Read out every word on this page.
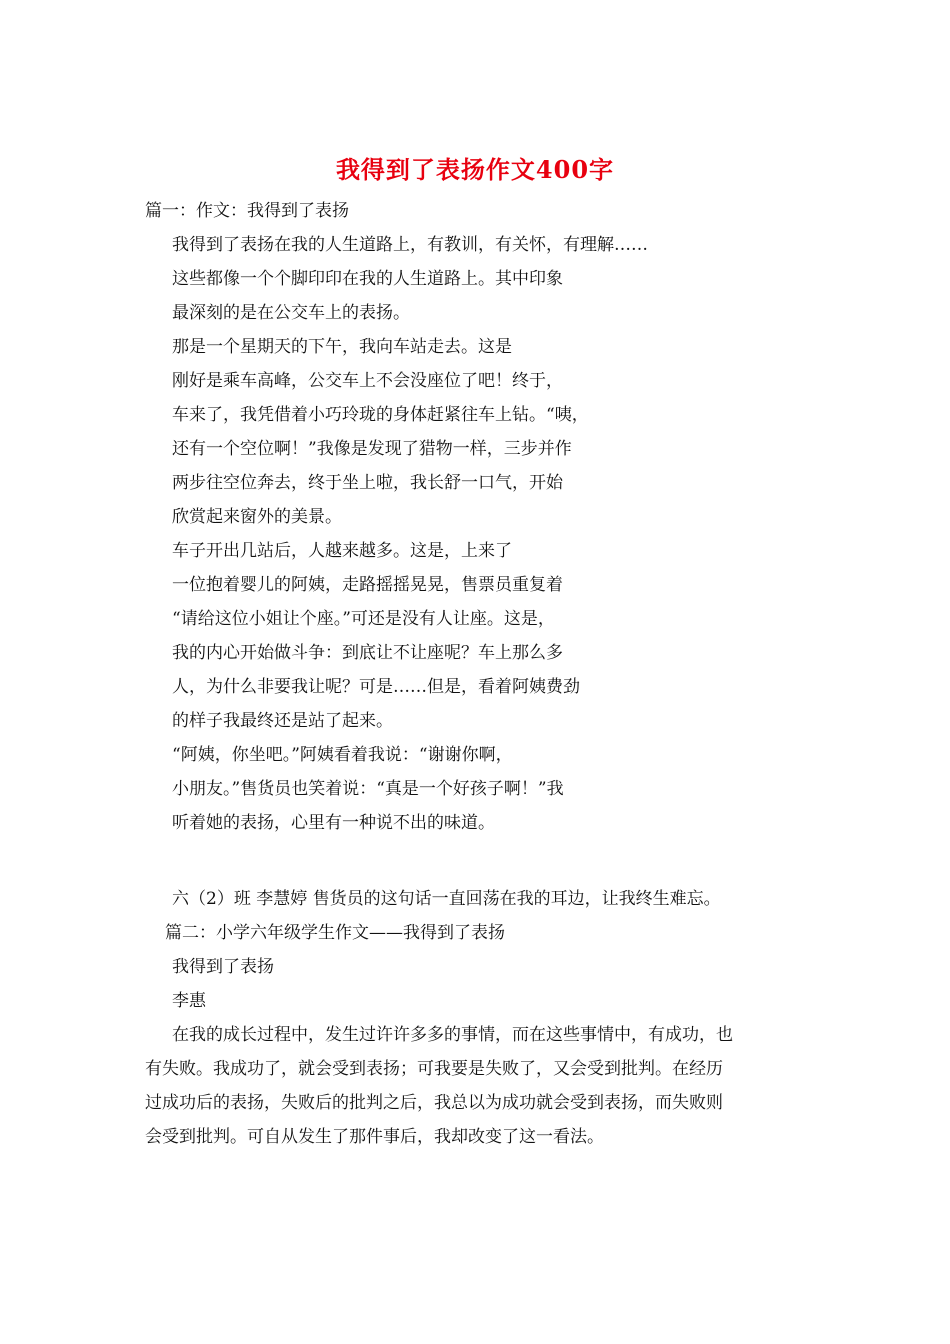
我得到了表扬作文400字
篇一：作文：我得到了表扬
我得到了表扬在我的人生道路上，有教训，有关怀，有理解……
这些都像一个个脚印印在我的人生道路上。其中印象
最深刻的是在公交车上的表扬。
那是一个星期天的下午，我向车站走去。这是
刚好是乘车高峰，公交车上不会没座位了吧！终于，
车来了，我凭借着小巧玲珑的身体赶紧往车上钻。“咦，
还有一个空位啊！”我像是发现了猎物一样，三步并作
两步往空位奔去，终于坐上啦，我长舒一口气，开始
欣赏起来窗外的美景。
车子开出几站后，人越来越多。这是，上来了
一位抱着婴儿的阿姨，走路摇摇晃晃，售票员重复着
“请给这位小姐让个座。”可还是没有人让座。这是，
我的内心开始做斗争：到底让不让座呢？车上那么多
人，为什么非要我让呢？可是……但是，看着阿姨费劲
的样子我最终还是站了起来。
“阿姨，你坐吧。”阿姨看着我说：“谢谢你啊，
小朋友。”售货员也笑着说：“真是一个好孩子啊！”我
听着她的表扬，心里有一种说不出的味道。
六（2）班 李慧婷 售货员的这句话一直回荡在我的耳边，让我终生难忘。
篇二：小学六年级学生作文——我得到了表扬
我得到了表扬
李惠
在我的成长过程中，发生过许许多多的事情，而在这些事情中，有成功，也
有失败。我成功了，就会受到表扬；可我要是失败了，又会受到批判。在经历
过成功后的表扬，失败后的批判之后，我总以为成功就会受到表扬，而失败则
会受到批判。可自从发生了那件事后，我却改变了这一看法。
